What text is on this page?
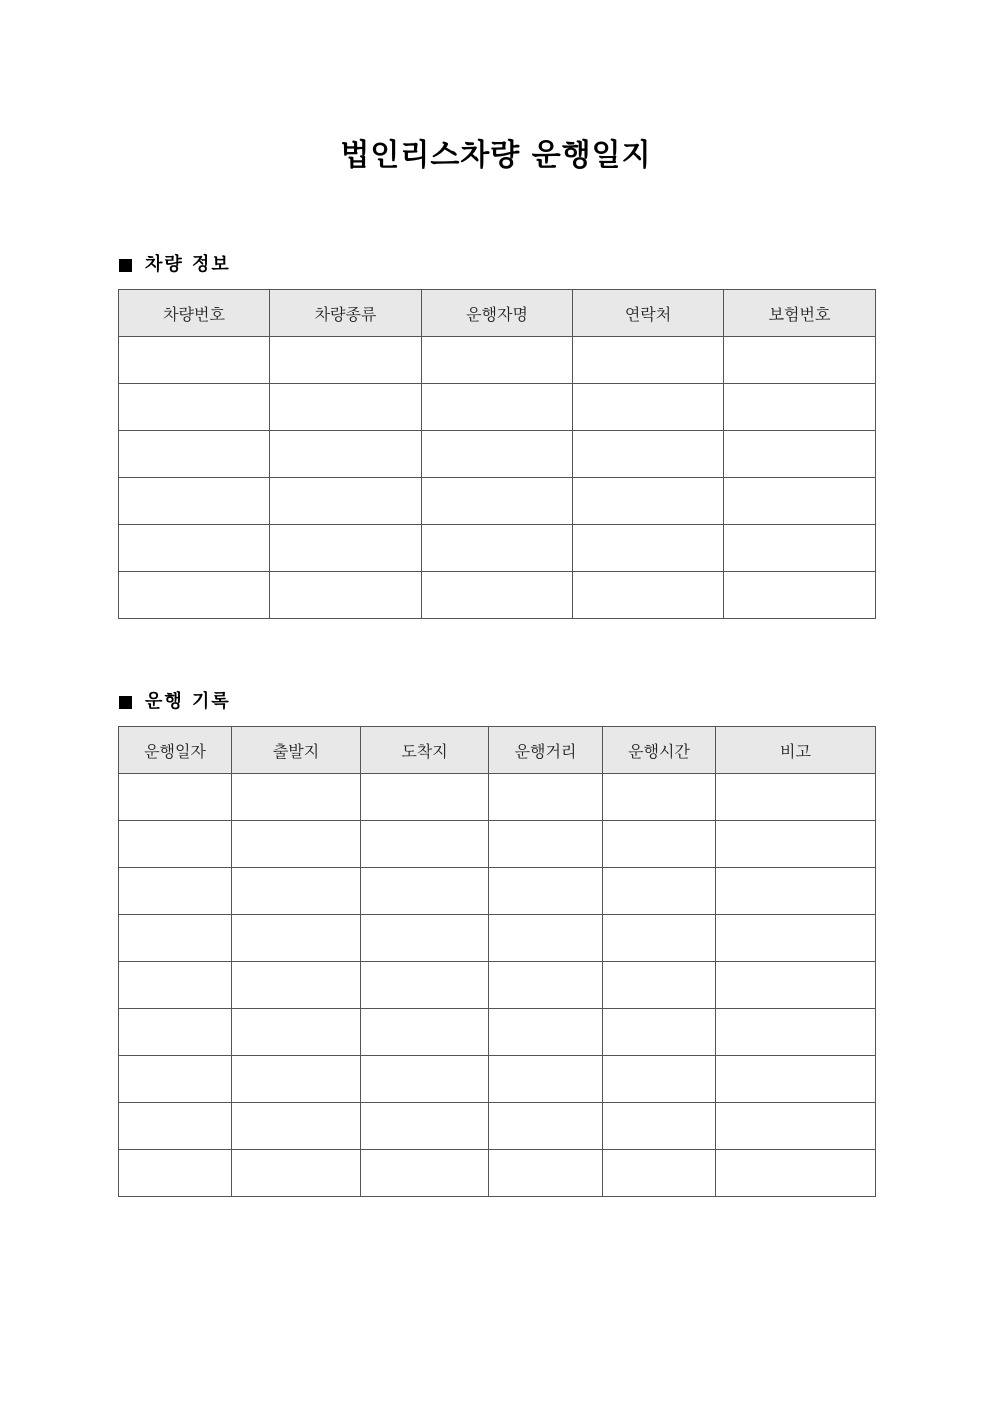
법인리스차량 운행일지
차량 정보
차량번호	차량종류	운행자명	연락처	보험번호

운행 기록
운행일자	출발지	도착지	운행거리	운행시간	비고
